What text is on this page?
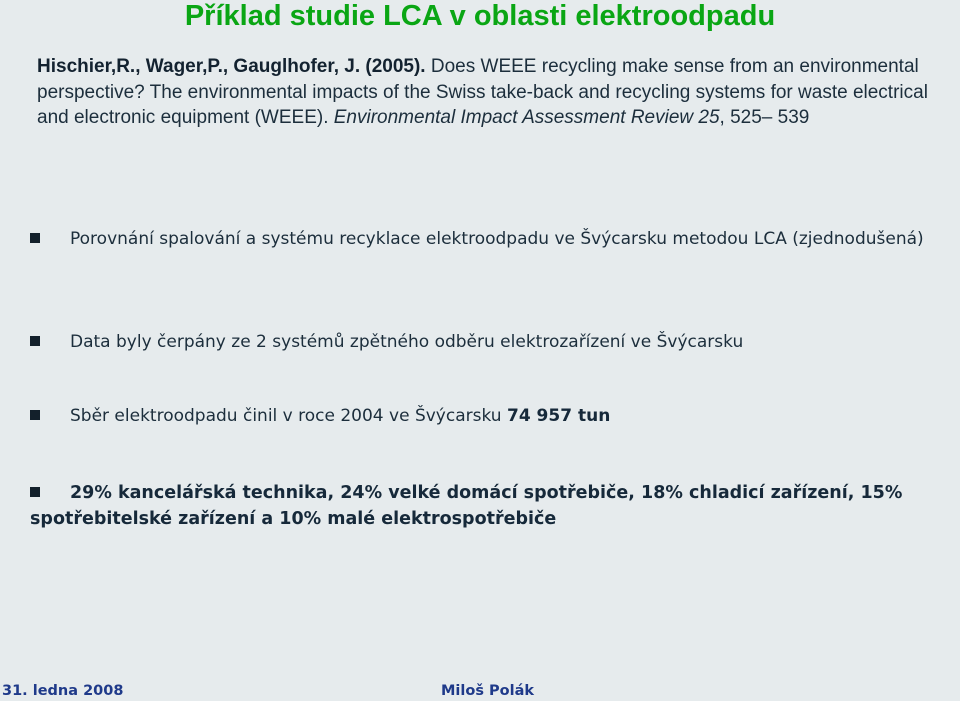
Příklad studie LCA v oblasti elektroodpadu
Hischier,R., Wager,P., Gauglhofer, J. (2005). Does WEEE recycling make sense from an environmental perspective? The environmental impacts of the Swiss take-back and recycling systems for waste electrical and electronic equipment (WEEE). Environmental Impact Assessment Review 25, 525– 539
Porovnání spalování a systému recyklace elektroodpadu ve Švýcarsku metodou LCA (zjednodušená)
Data byly čerpány ze 2 systémů zpětného odběru elektrozařízení ve Švýcarsku
Sběr elektroodpadu činil v roce 2004 ve Švýcarsku 74 957 tun
29% kancelářská technika, 24% velké domácí spotřebiče, 18% chladicí zařízení, 15% spotřebitelské zařízení a 10% malé elektrospotřebiče
31. ledna 2008	Miloš Polák
